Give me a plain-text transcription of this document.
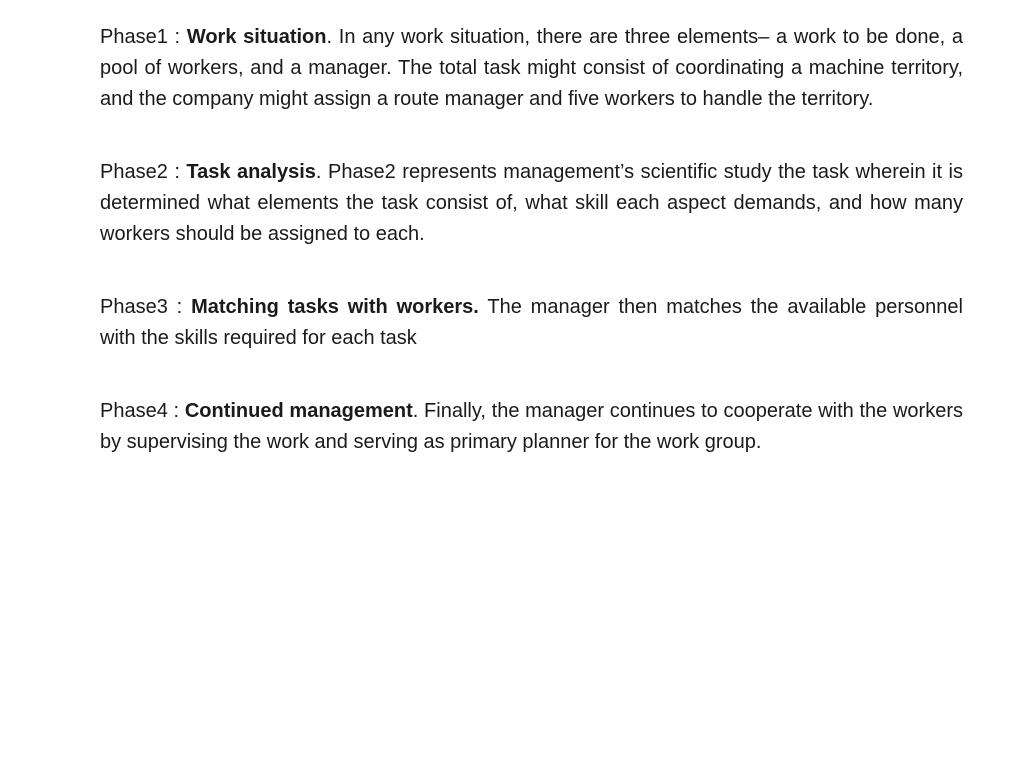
Phase1 : Work situation. In any work situation, there are three elements– a work to be done, a pool of workers, and a manager. The total task might consist of coordinating a machine territory, and the company might assign a route manager and five workers to handle the territory.

Phase2 : Task analysis. Phase2 represents management’s scientific study the task wherein it is determined what elements the task consist of, what skill each aspect demands, and how many workers should be assigned to each.

Phase3 : Matching tasks with workers. The manager then matches the available personnel with the skills required for each task

Phase4 : Continued management. Finally, the manager continues to cooperate with the workers by supervising the work and serving as primary planner for the work group.
